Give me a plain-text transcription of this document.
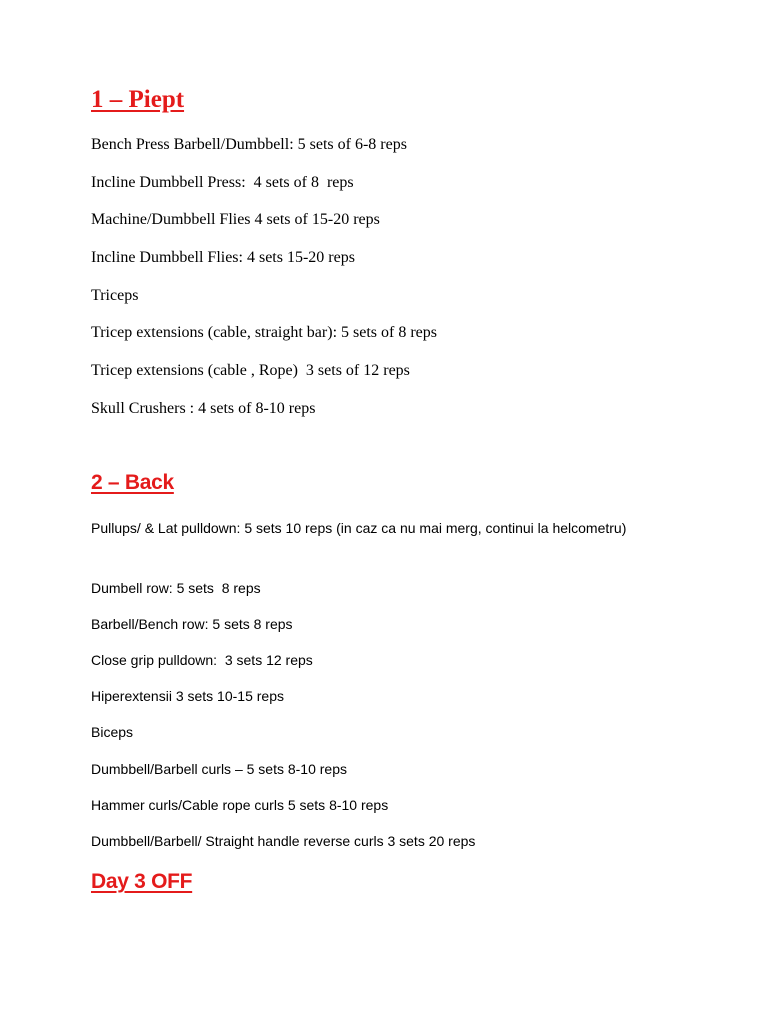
1 – Piept

Bench Press Barbell/Dumbbell: 5 sets of 6-8 reps

Incline Dumbbell Press:  4 sets of 8  reps

Machine/Dumbbell Flies 4 sets of 15-20 reps

Incline Dumbbell Flies: 4 sets 15-20 reps

Triceps

Tricep extensions (cable, straight bar): 5 sets of 8 reps

Tricep extensions (cable , Rope)  3 sets of 12 reps

Skull Crushers : 4 sets of 8-10 reps

2 – Back

Pullups/ & Lat pulldown: 5 sets 10 reps (in caz ca nu mai merg, continui la helcometru)

Dumbell row: 5 sets  8 reps

Barbell/Bench row: 5 sets 8 reps

Close grip pulldown:  3 sets 12 reps

Hiperextensii 3 sets 10-15 reps

Biceps

Dumbbell/Barbell curls – 5 sets 8-10 reps

Hammer curls/Cable rope curls 5 sets 8-10 reps

Dumbbell/Barbell/ Straight handle reverse curls 3 sets 20 reps

Day 3 OFF
